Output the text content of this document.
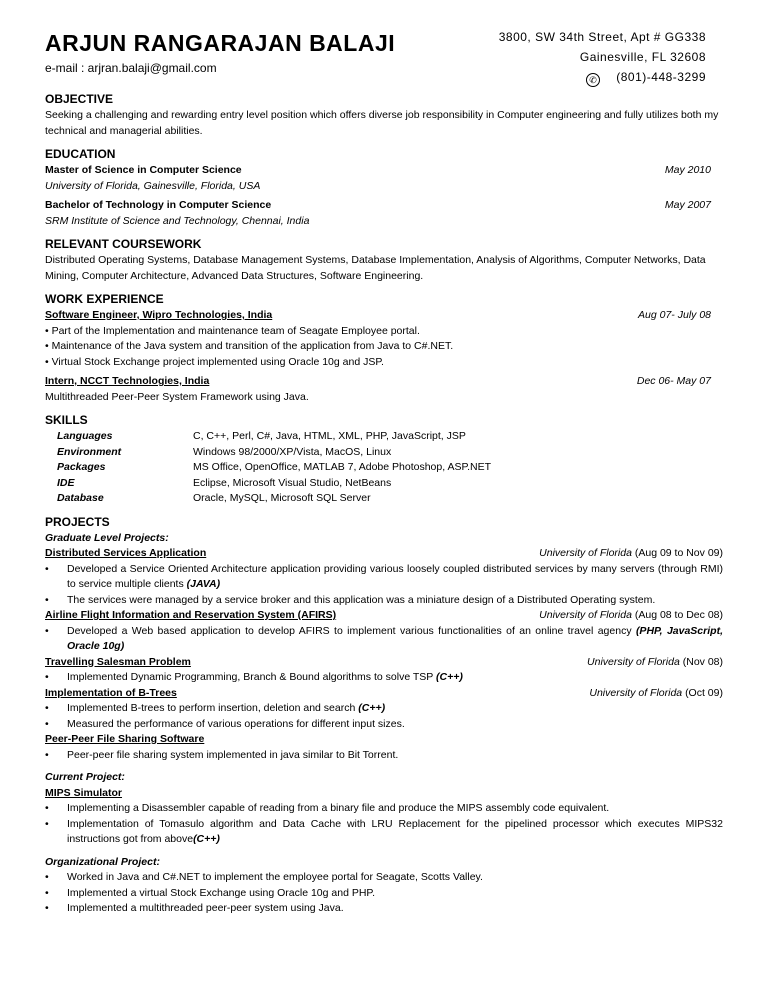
ARJUN RANGARAJAN BALAJI
e-mail : arjran.balaji@gmail.com
3800, SW 34th Street, Apt # GG338
Gainesville, FL 32608
✆ (801)-448-3299
OBJECTIVE
Seeking a challenging and rewarding entry level position which offers diverse job responsibility in Computer engineering and fully utilizes both my technical and managerial abilities.
EDUCATION
Master of Science in Computer Science	May 2010
University of Florida, Gainesville, Florida, USA
Bachelor of Technology in Computer Science	May 2007
SRM Institute of Science and Technology, Chennai, India
RELEVANT COURSEWORK
Distributed Operating Systems, Database Management Systems, Database Implementation, Analysis of Algorithms, Computer Networks, Data Mining, Computer Architecture, Advanced Data Structures, Software Engineering.
WORK EXPERIENCE
Software Engineer, Wipro Technologies, India	Aug 07- July 08
• Part of the Implementation and maintenance team of Seagate Employee portal.
• Maintenance of the Java system and transition of the application from Java to C#.NET.
• Virtual Stock Exchange project implemented using Oracle 10g and JSP.
Intern, NCCT Technologies, India	Dec 06- May 07
Multithreaded Peer-Peer System Framework using Java.
SKILLS
Languages	C, C++, Perl, C#, Java, HTML, XML, PHP, JavaScript, JSP
Environment	Windows 98/2000/XP/Vista, MacOS, Linux
Packages	MS Office, OpenOffice, MATLAB 7, Adobe Photoshop, ASP.NET
IDE	Eclipse, Microsoft Visual Studio, NetBeans
Database	Oracle, MySQL, Microsoft SQL Server
PROJECTS
Graduate Level Projects:
Distributed Services Application	University of Florida (Aug 09 to Nov 09)
•	Developed a Service Oriented Architecture application providing various loosely coupled distributed services by many servers (through RMI) to service multiple clients (JAVA)
•	The services were managed by a service broker and this application was a miniature design of a Distributed Operating system.
Airline Flight Information and Reservation System (AFIRS)	University of Florida (Aug 08 to Dec 08)
•	Developed a Web based application to develop AFIRS to implement various functionalities of an online travel agency (PHP, JavaScript, Oracle 10g)
Travelling Salesman Problem	University of Florida (Nov 08)
•	Implemented Dynamic Programming, Branch & Bound algorithms to solve TSP (C++)
Implementation of B-Trees	University of Florida (Oct 09)
•	Implemented B-trees to perform insertion, deletion and search (C++)
•	Measured the performance of various operations for different input sizes.
Peer-Peer File Sharing Software
•	Peer-peer file sharing system implemented in java similar to Bit Torrent.
Current Project:
MIPS Simulator
•	Implementing a Disassembler capable of reading from a binary file and produce the MIPS assembly code equivalent.
•	Implementation of Tomasulo algorithm and Data Cache with LRU Replacement for the pipelined processor which executes MIPS32 instructions got from above(C++)
Organizational Project:
•	Worked in Java and C#.NET to implement the employee portal for Seagate, Scotts Valley.
•	Implemented a virtual Stock Exchange using Oracle 10g and PHP.
•	Implemented a multithreaded peer-peer system using Java.
